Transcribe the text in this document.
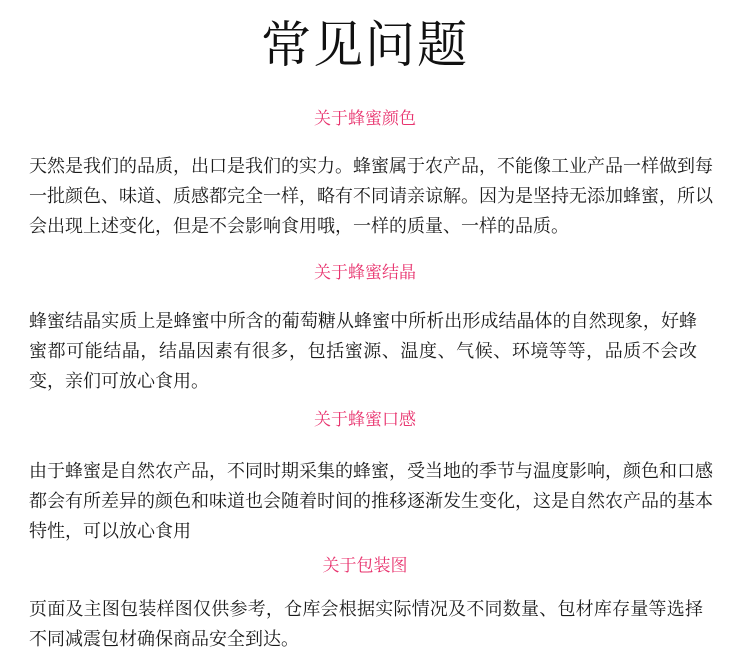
常见问题
关于蜂蜜颜色

天然是我们的品质，出口是我们的实力。蜂蜜属于农产品，不能像工业产品一样做到每一批颜色、味道、质感都完全一样，略有不同请亲谅解。因为是坚持无添加蜂蜜，所以会出现上述变化，但是不会影响食用哦，一样的质量、一样的品质。

关于蜂蜜结晶

蜂蜜结晶实质上是蜂蜜中所含的葡萄糖从蜂蜜中所析出形成结晶体的自然现象，好蜂蜜都可能结晶，结晶因素有很多，包括蜜源、温度、气候、环境等等，品质不会改变，亲们可放心食用。

关于蜂蜜口感

由于蜂蜜是自然农产品，不同时期采集的蜂蜜，受当地的季节与温度影响，颜色和口感都会有所差异的颜色和味道也会随着时间的推移逐渐发生变化，这是自然农产品的基本特性，可以放心食用

关于包装图

页面及主图包装样图仅供参考，仓库会根据实际情况及不同数量、包材库存量等选择不同减震包材确保商品安全到达。
